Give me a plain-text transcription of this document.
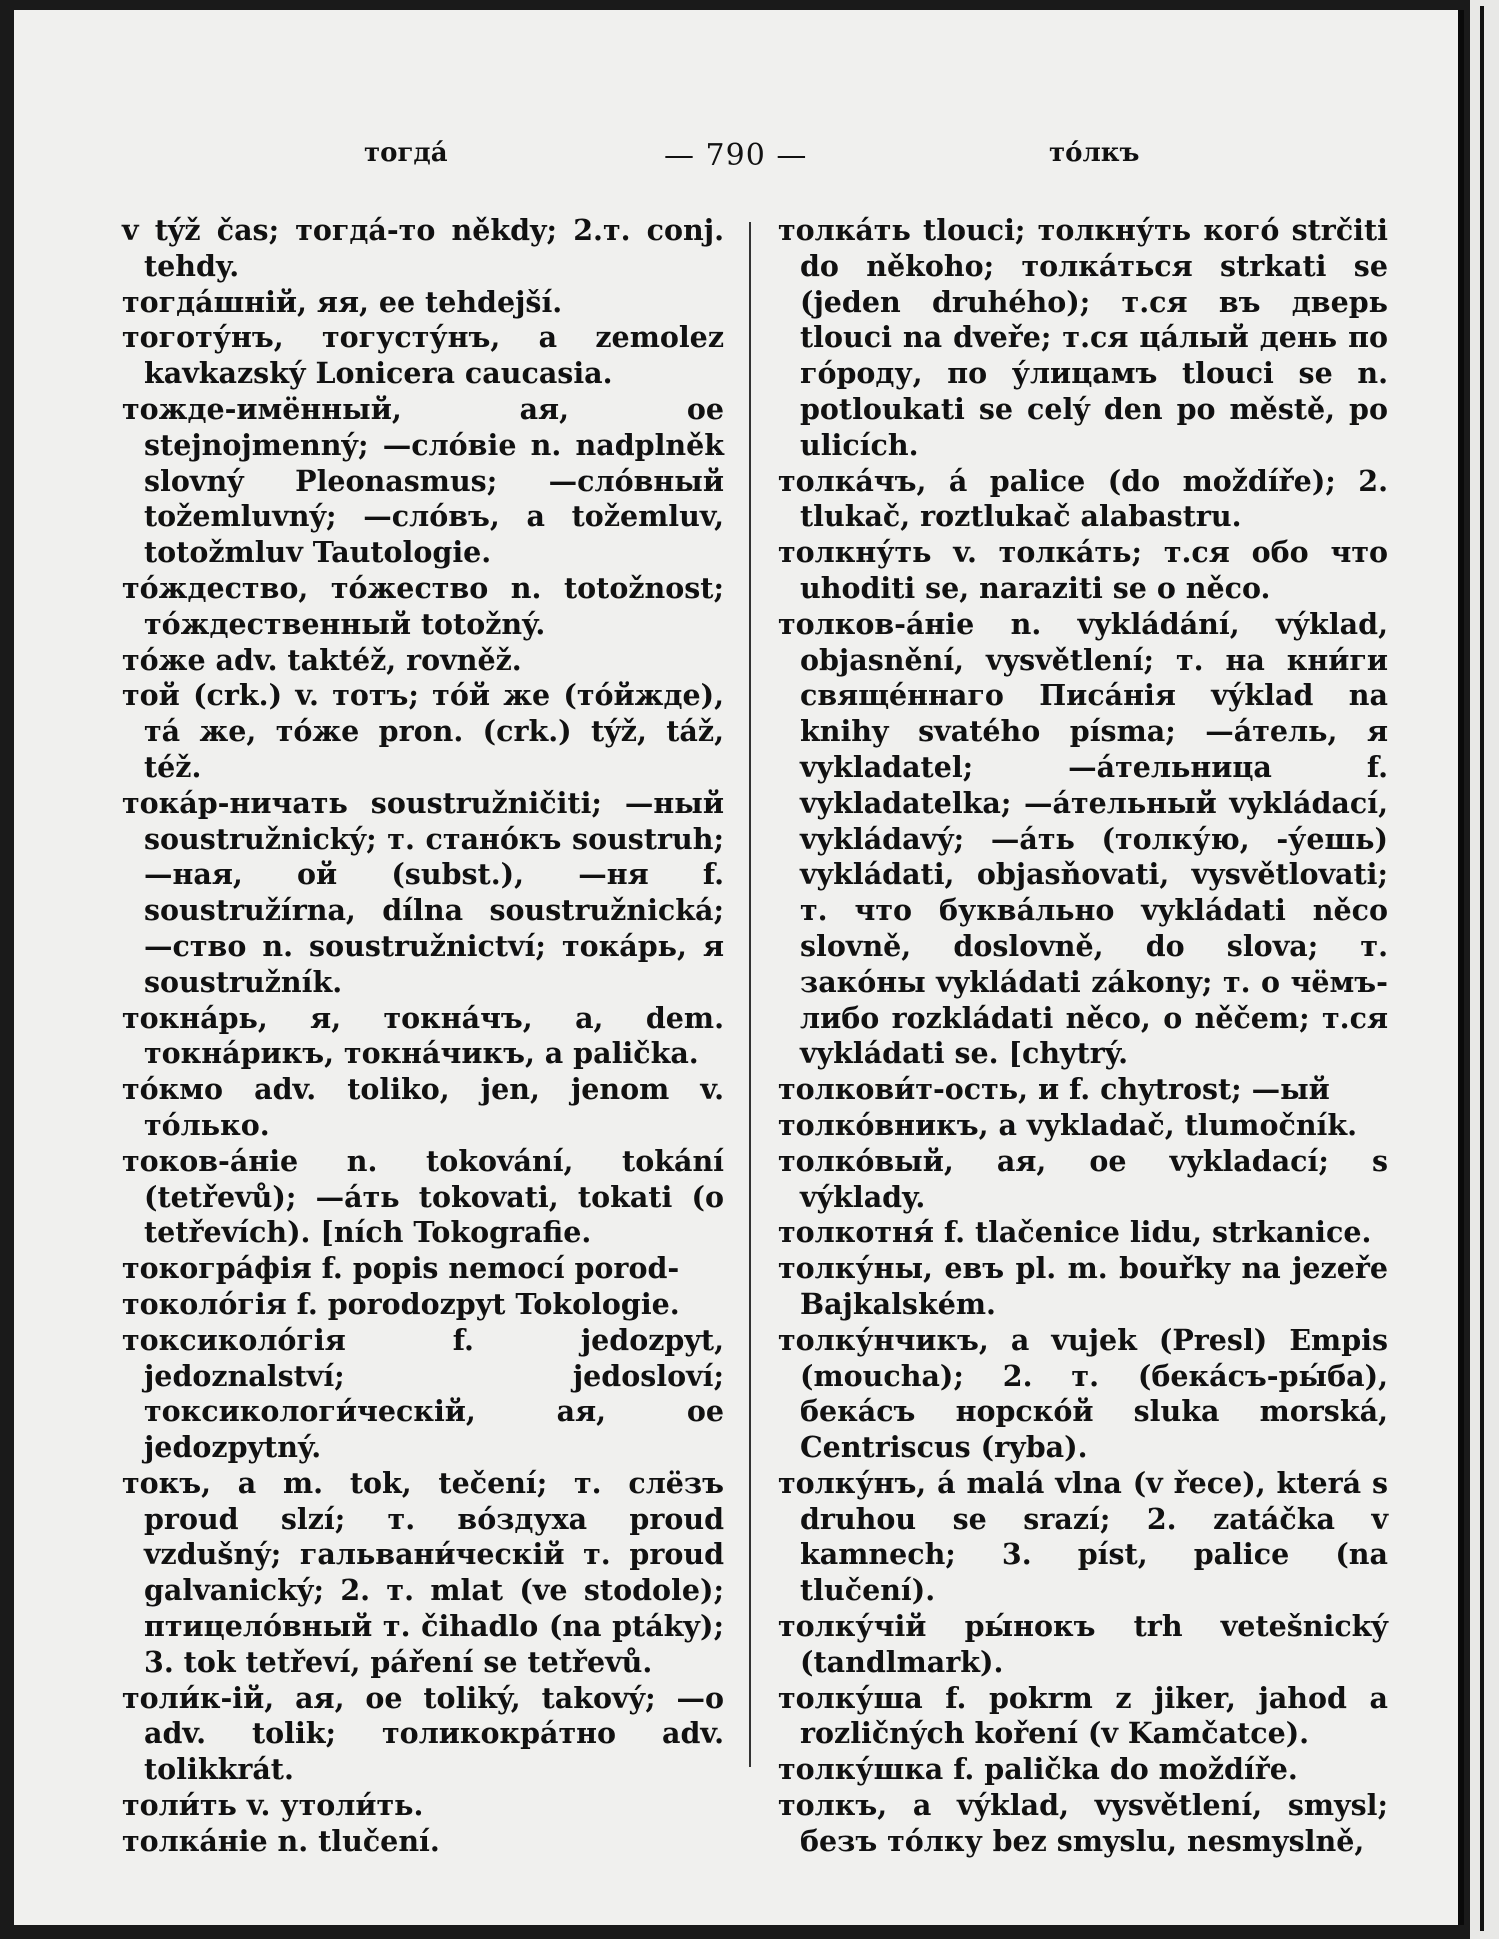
тогда́	— 790 —	то́лкъ

v týž čas; тогда́-то někdy; 2.т. conj. tehdy.

тогда́шній, яя, ее tehdejší.

тоготу́нъ, тогусту́нъ, а zemolez kavkazský Lonicera caucasia.

тожде-имённый, ая, ое stejnojmenný; —сло́віе n. nadplněk slovný Pleonasmus; —сло́вный tožemluvný; —сло́въ, а tožemluv, totožmluv Tautologie.

то́ждество, то́жество n. totožnost; то́ждественный totožný.

то́же adv. taktéž, rovněž.

той (crk.) v. тотъ; то́й же (то́йжде), та́ же, то́же pron. (crk.) týž, táž, též.

тока́р-ничать soustružničiti; —ный soustružnický; т. стано́къ soustruh; —ная, ой (subst.), —ня f. soustružírna, dílna soustružnická; —ство n. soustružnictví; тока́рь, я soustružník.

токна́рь, я, токна́чъ, а, dem. токна́рикъ, токна́чикъ, а palička.

то́кмо adv. toliko, jen, jenom v. то́лько.

токов-а́ніе n. tokování, tokání (tetřevů); —а́ть tokovati, tokati (o tetřevích). [ních Tokografie.

токогра́фія f. popis nemocí porod-

токоло́гія f. porodozpyt Tokologie.

токсиколо́гія f. jedozpyt, jedoznalství; jedosloví; токсикологи́ческій, ая, ое jedozpytný.

токъ, а m. tok, tečení; т. слёзъ proud slzí; т. во́здуха proud vzdušný; гальвани́ческій т. proud galvanický; 2. т. mlat (ve stodole); птицело́вный т. čihadlo (na ptáky); 3. tok tetřeví, páření se tetřevů.

толи́к-ій, ая, ое toliký, takový; —о adv. tolik; толикокра́тно adv. tolikkrát.

толи́ть v. утоли́ть.

толка́ніе n. tlučení.

толка́ть tlouci; толкну́ть кого́ strčiti do někoho; толка́ться strkati se (jeden druhého); т.ся въ дверь tlouci na dveře; т.ся ца́лый день по го́роду, по у́лицамъ tlouci se n. potloukati se celý den po městě, po ulicích.

толка́чъ, а́ palice (do moždíře); 2. tlukač, roztlukač alabastru.

толкну́ть v. толка́ть; т.ся обо что uhoditi se, naraziti se o něco.

толков-а́ніе n. vykládání, výklad, objasnění, vysvětlení; т. на кни́ги свяще́ннаго Писа́нія výklad na knihy svatého písma; —а́тель, я vykladatel; —а́тельница f. vykladatelka; —а́тельный vykládací, vykládavý; —а́ть (толку́ю, -у́ешь) vykládati, objasňovati, vysvětlovati; т. что буква́льно vykládati něco slovně, doslovně, do slova; т. зако́ны vykládati zákony; т. о чёмъ-либо rozkládati něco, o něčem; т.ся vykládati se. [chytrý.

толкови́т-ость, и f. chytrost; —ый

толко́вникъ, а vykladač, tlumočník.

толко́вый, ая, ое vykladací; s výklady.

толкотня́ f. tlačenice lidu, strkanice.

толку́ны, евъ pl. m. bouřky na jezeře Bajkalském.

толку́нчикъ, а vujek (Presl) Empis (moucha); 2. т. (бека́съ-ры́ба), бека́съ норско́й sluka morská, Centriscus (ryba).

толку́нъ, а́ malá vlna (v řece), která s druhou se srazí; 2. zatáčka v kamnech; 3. píst, palice (na tlučení).

толку́чій ры́нокъ trh vetešnický (tandlmark).

толку́ша f. pokrm z jiker, jahod a rozličných koření (v Kamčatce).

толку́шка f. palička do moždíře.

толкъ, а výklad, vysvětlení, smysl; безъ то́лку bez smyslu, nesmyslně,
